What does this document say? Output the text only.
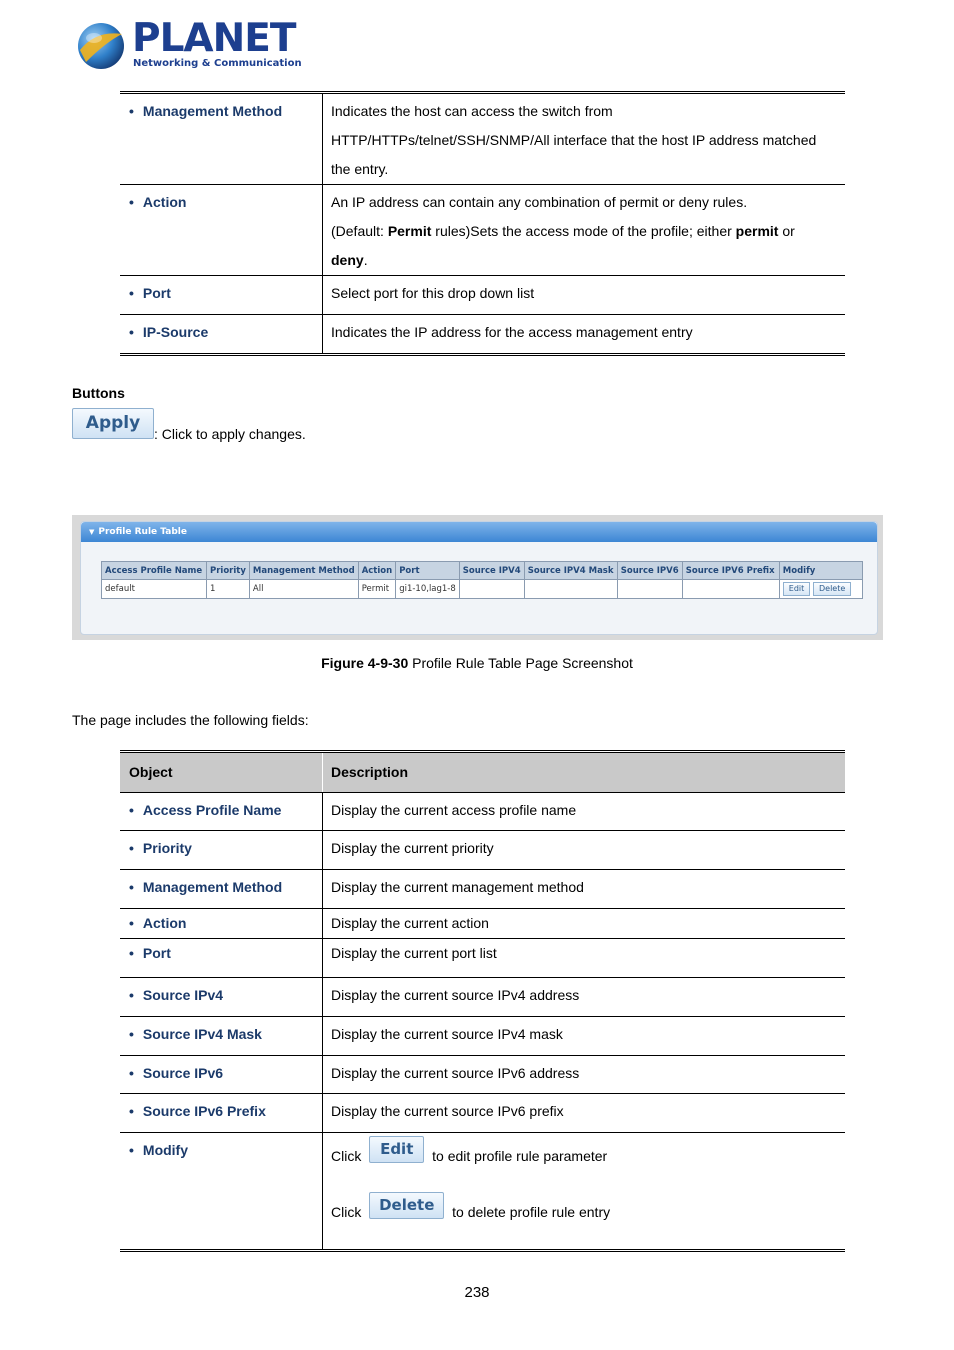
PLANET
Networking & Communication
• Management Method	Indicates the host can access the switch from
HTTP/HTTPs/telnet/SSH/SNMP/All interface that the host IP address matched
the entry.

• Action	An IP address can contain any combination of permit or deny rules.
(Default: Permit rules)Sets the access mode of the profile; either permit or
deny.

• Port	Select port for this drop down list
• IP-Source	Indicates the IP address for the access management entry
Buttons
Apply: Click to apply changes.
▼ Profile Rule Table
Access Profile Name	Priority	Management Method	Action	Port	Source IPV4	Source IPV4 Mask	Source IPV6	Source IPV6 Prefix	Modify
default	1	All	Permit	gi1-10,lag1-8					Edit Delete
Figure 4-9-30 Profile Rule Table Page Screenshot
The page includes the following fields:
Object	Description
• Access Profile Name	Display the current access profile name
• Priority	Display the current priority
• Management Method	Display the current management method
• Action	Display the current action
• Port	Display the current port list
• Source IPv4	Display the current source IPv4 address
• Source IPv4 Mask	Display the current source IPv4 mask
• Source IPv6	Display the current source IPv6 address
• Source IPv6 Prefix	Display the current source IPv6 prefix
• Modify	Click Edit to edit profile rule parameter
Click Delete to delete profile rule entry
238
